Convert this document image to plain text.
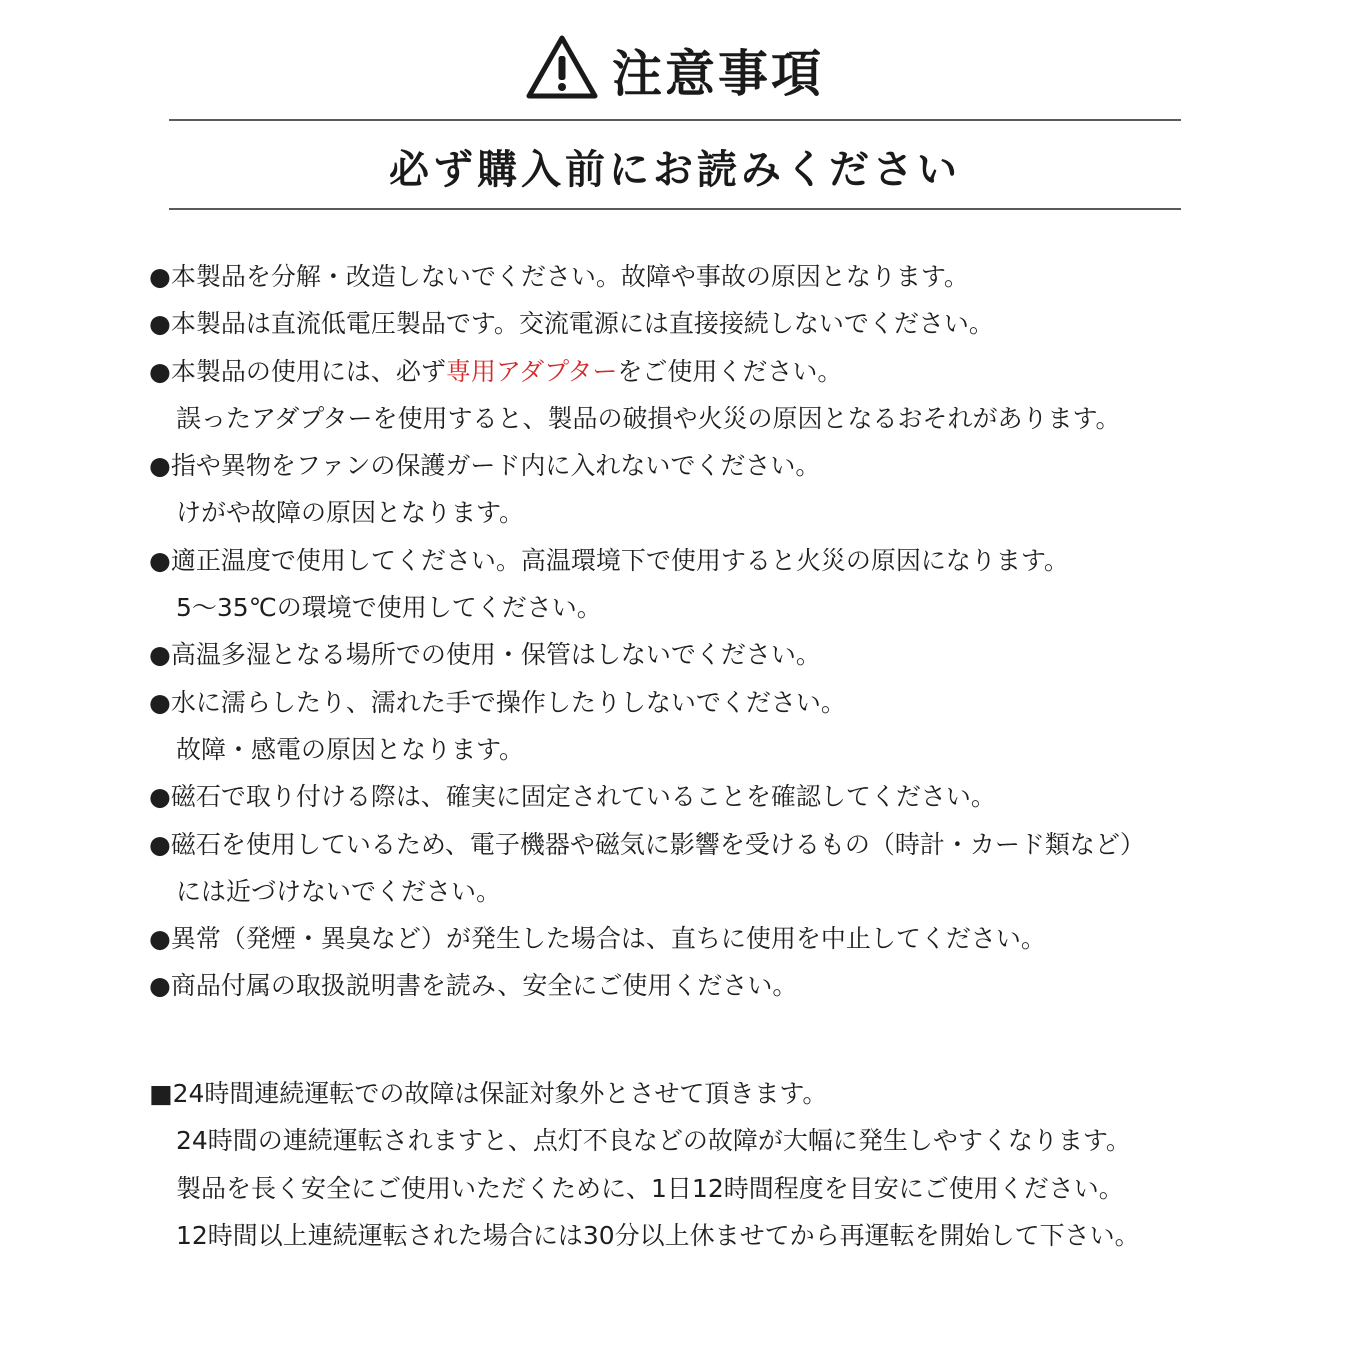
注意事項
必ず購入前にお読みください
●本製品を分解・改造しないでください。故障や事故の原因となります。
●本製品は直流低電圧製品です。交流電源には直接接続しないでください。
●本製品の使用には、必ず専用アダプターをご使用ください。
誤ったアダプターを使用すると、製品の破損や火災の原因となるおそれがあります。
●指や異物をファンの保護ガード内に入れないでください。
けがや故障の原因となります。
●適正温度で使用してください。高温環境下で使用すると火災の原因になります。
5〜35℃の環境で使用してください。
●高温多湿となる場所での使用・保管はしないでください。
●水に濡らしたり、濡れた手で操作したりしないでください。
故障・感電の原因となります。
●磁石で取り付ける際は、確実に固定されていることを確認してください。
●磁石を使用しているため、電子機器や磁気に影響を受けるもの（時計・カード類など）
には近づけないでください。
●異常（発煙・異臭など）が発生した場合は、直ちに使用を中止してください。
●商品付属の取扱説明書を読み、安全にご使用ください。
■24時間連続運転での故障は保証対象外とさせて頂きます。
24時間の連続運転されますと、点灯不良などの故障が大幅に発生しやすくなります。
製品を長く安全にご使用いただくために、1日12時間程度を目安にご使用ください。
12時間以上連続運転された場合には30分以上休ませてから再運転を開始して下さい。
